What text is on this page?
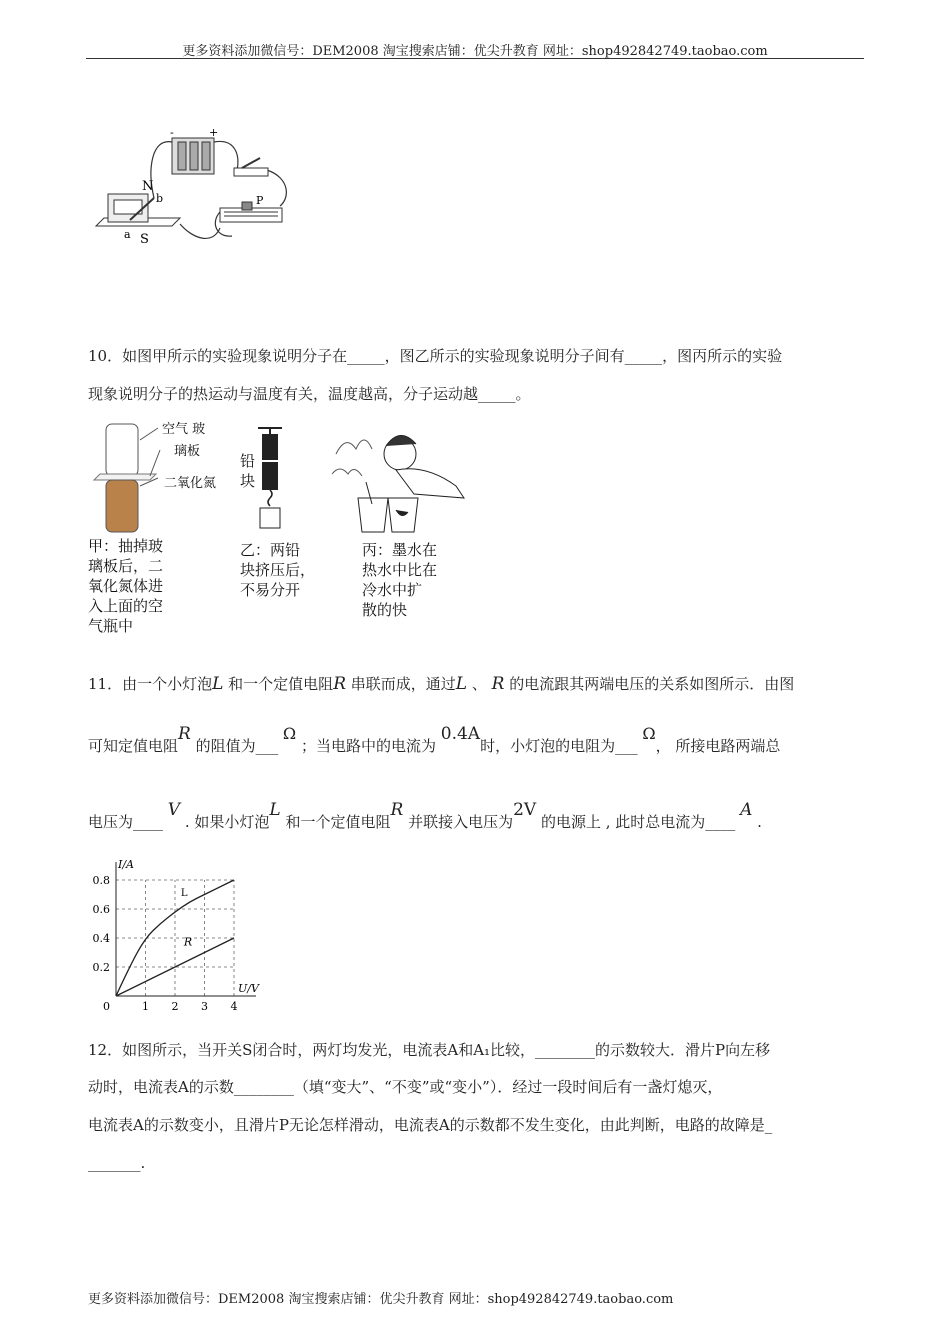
更多资料添加微信号：DEM2008 淘宝搜索店铺：优尖升教育 网址：shop492842749.taobao.com
-	+
P
N
b
a S
10．如图甲所示的实验现象说明分子在_____，图乙所示的实验现象说明分子间有_____，图丙所示的实验
现象说明分子的热运动与温度有关，温度越高，分子运动越_____。
空气 玻
璃板
二氧化氮
铅
块
甲：抽掉玻
璃板后，二
氧化氮体进
入上面的空
气瓶中
乙：两铅
块挤压后，
不易分开
丙：墨水在
热水中比在
冷水中扩
散的快
11．由一个小灯泡L 和一个定值电阻R 串联而成，通过L 、 R 的电流跟其两端电压的关系如图所示．由图
可知定值电阻R 的阻值为___ Ω ；当电路中的电流为 0.4A时，小灯泡的电阻为___ Ω， 所接电路两端总
电压为____ V . 如果小灯泡L 和一个定值电阻R 并联接入电压为2V 的电源上 , 此时总电流为____ A .
1 2 3 4
0.2
0.4
0.6
0.8
0
I/A
U/V
L
R
12．如图所示，当开关S闭合时，两灯均发光，电流表A和A₁比较，________的示数较大．滑片P向左移
动时，电流表A的示数________（填“变大”、“不变”或“变小”）．经过一段时间后有一盏灯熄灭，
电流表A的示数变小，且滑片P无论怎样滑动，电流表A的示数都不发生变化，由此判断，电路的故障是_
_______.
更多资料添加微信号：DEM2008 淘宝搜索店铺：优尖升教育 网址：shop492842749.taobao.com
